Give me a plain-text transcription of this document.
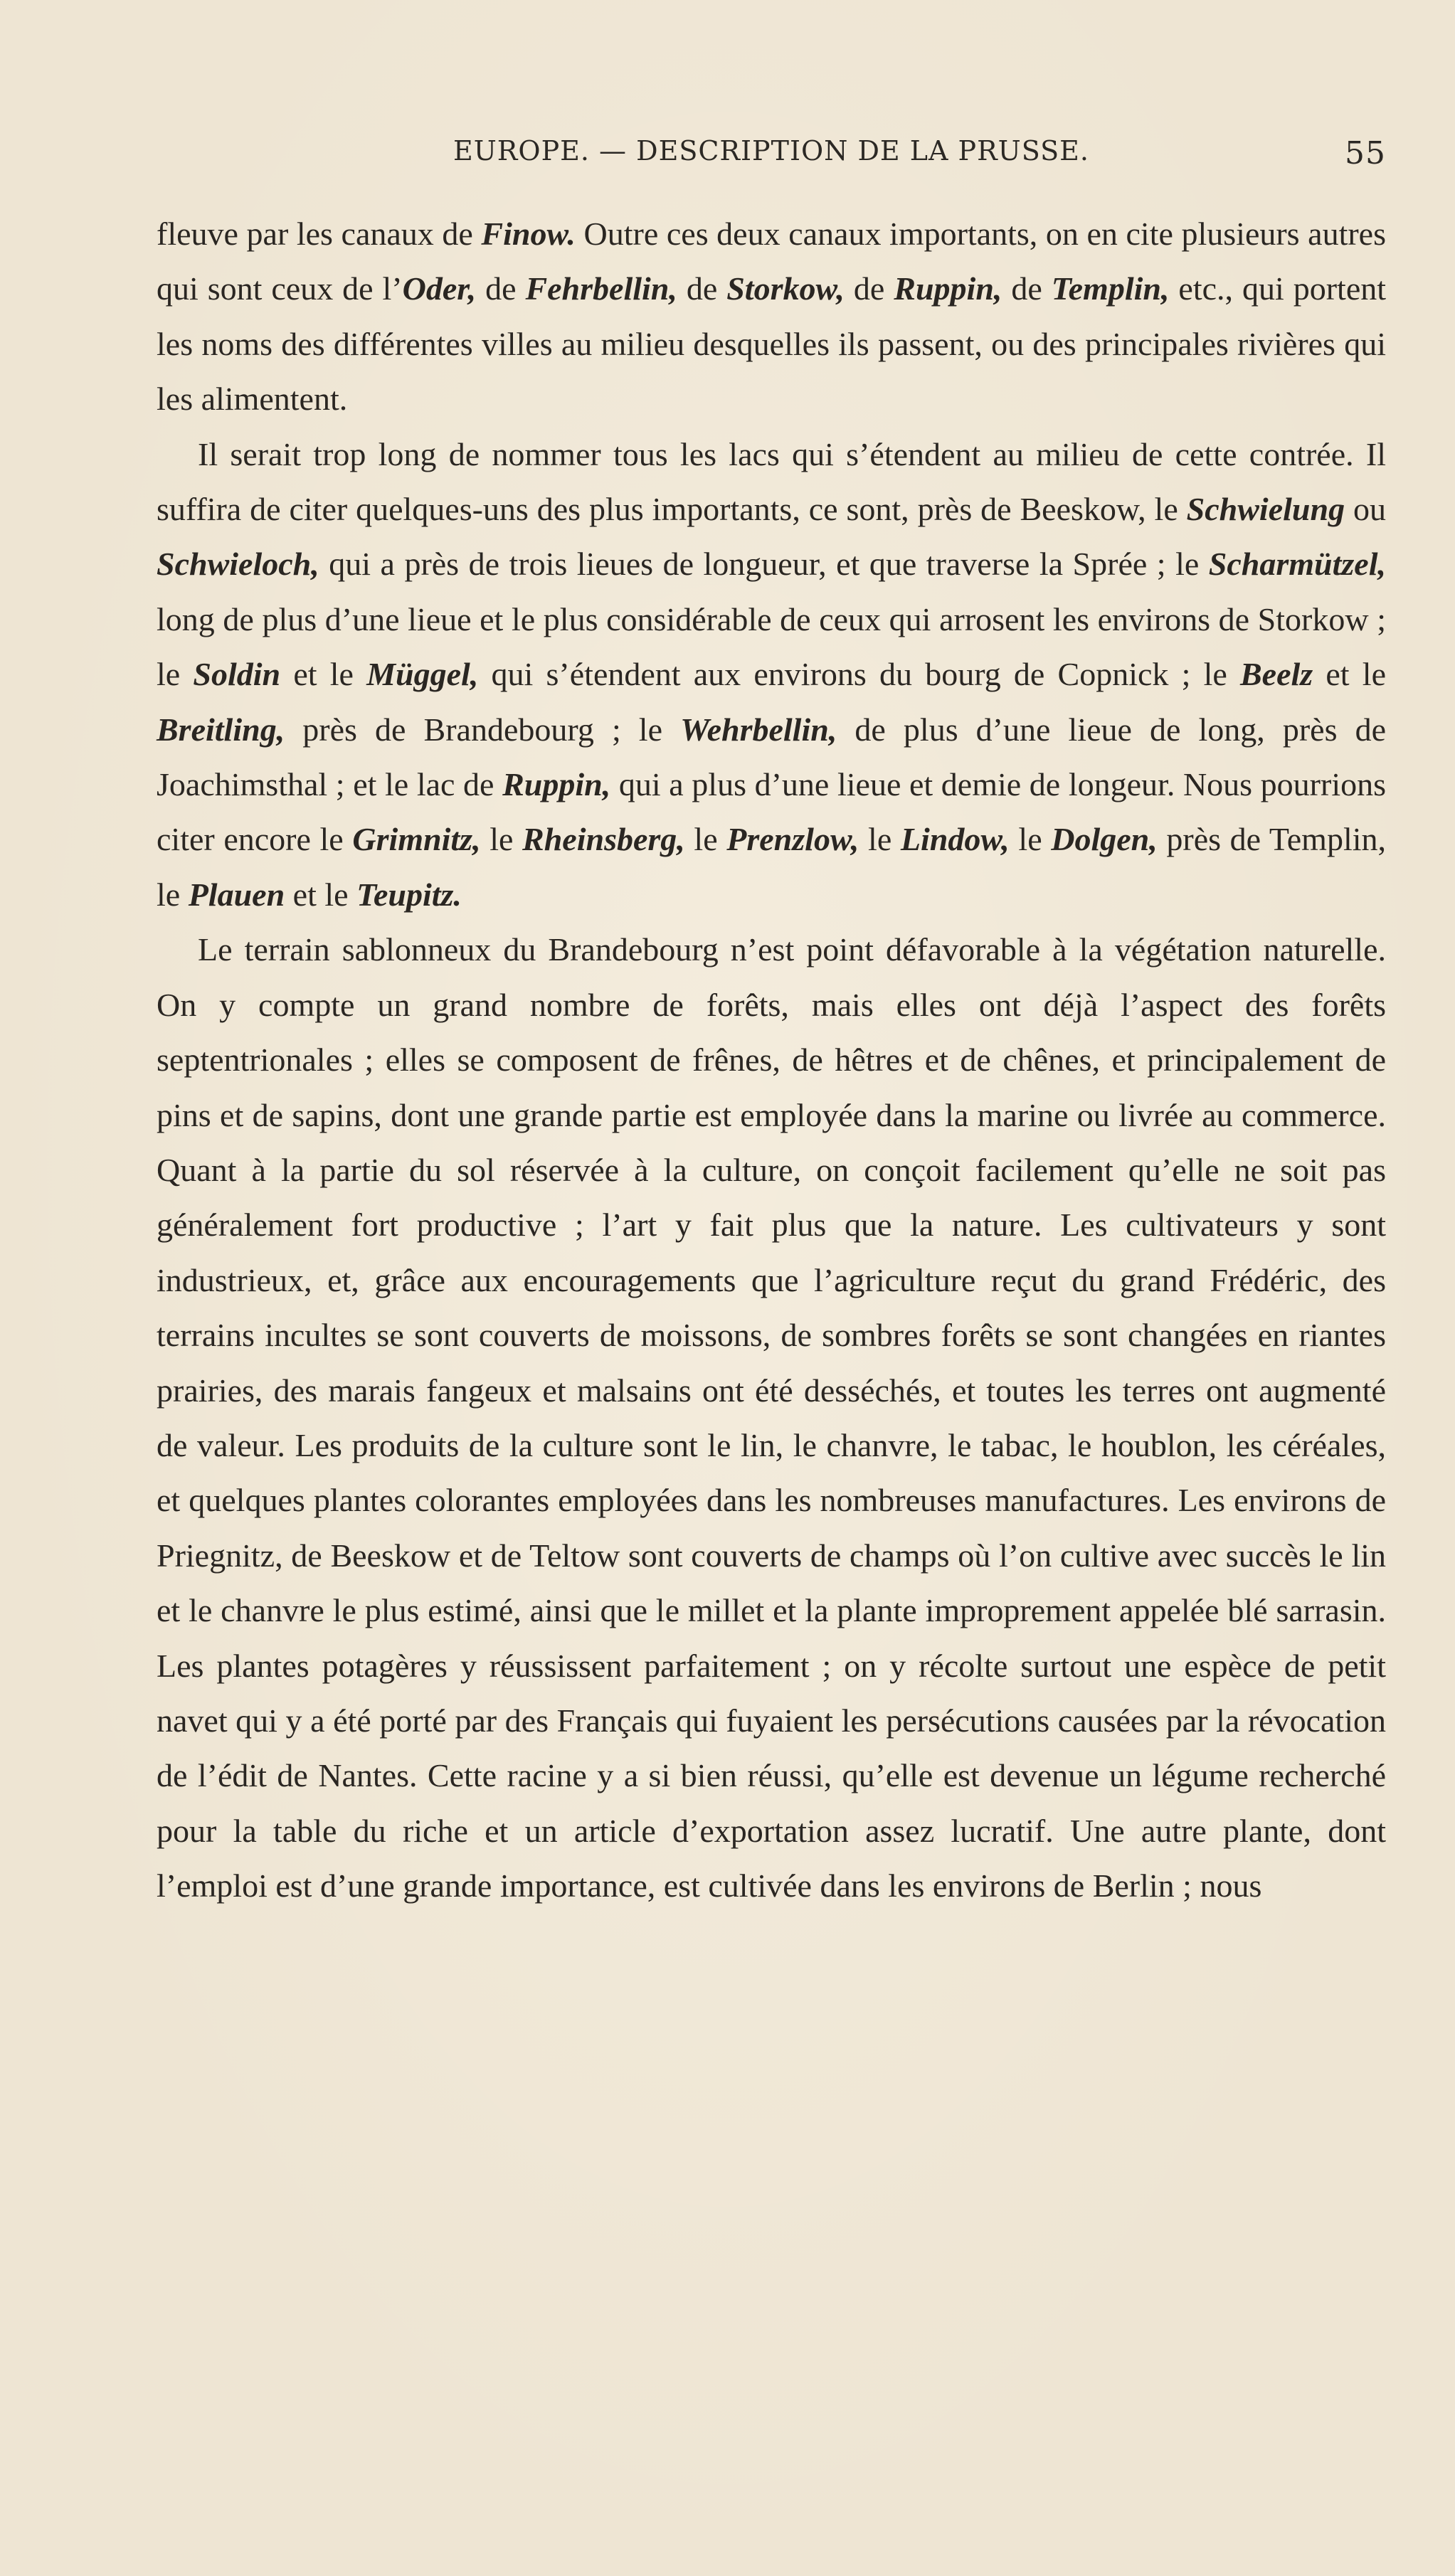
EUROPE. — DESCRIPTION DE LA PRUSSE.	55

fleuve par les canaux de Finow. Outre ces deux canaux importants, on en cite plusieurs autres qui sont ceux de l’Oder, de Fehrbellin, de Storkow, de Ruppin, de Templin, etc., qui portent les noms des différentes villes au milieu desquelles ils passent, ou des principales rivières qui les alimentent.

Il serait trop long de nommer tous les lacs qui s’étendent au milieu de cette contrée. Il suffira de citer quelques-uns des plus importants, ce sont, près de Beeskow, le Schwielung ou Schwieloch, qui a près de trois lieues de longueur, et que traverse la Sprée ; le Scharmützel, long de plus d’une lieue et le plus considérable de ceux qui arrosent les environs de Storkow ; le Soldin et le Müggel, qui s’étendent aux environs du bourg de Copnick ; le Beelz et le Breitling, près de Brandebourg ; le Wehrbellin, de plus d’une lieue de long, près de Joachimsthal ; et le lac de Ruppin, qui a plus d’une lieue et demie de longeur. Nous pourrions citer encore le Grimnitz, le Rheinsberg, le Prenzlow, le Lindow, le Dolgen, près de Templin, le Plauen et le Teupitz.

Le terrain sablonneux du Brandebourg n’est point défavorable à la végétation naturelle. On y compte un grand nombre de forêts, mais elles ont déjà l’aspect des forêts septentrionales ; elles se composent de frênes, de hêtres et de chênes, et principalement de pins et de sapins, dont une grande partie est employée dans la marine ou livrée au commerce. Quant à la partie du sol réservée à la culture, on conçoit facilement qu’elle ne soit pas généralement fort productive ; l’art y fait plus que la nature. Les cultivateurs y sont industrieux, et, grâce aux encouragements que l’agriculture reçut du grand Frédéric, des terrains incultes se sont couverts de moissons, de sombres forêts se sont changées en riantes prairies, des marais fangeux et malsains ont été desséchés, et toutes les terres ont augmenté de valeur. Les produits de la culture sont le lin, le chanvre, le tabac, le houblon, les céréales, et quelques plantes colorantes employées dans les nombreuses manufactures. Les environs de Priegnitz, de Beeskow et de Teltow sont couverts de champs où l’on cultive avec succès le lin et le chanvre le plus estimé, ainsi que le millet et la plante improprement appelée blé sarrasin. Les plantes potagères y réussissent parfaitement ; on y récolte surtout une espèce de petit navet qui y a été porté par des Français qui fuyaient les persécutions causées par la révocation de l’édit de Nantes. Cette racine y a si bien réussi, qu’elle est devenue un légume recherché pour la table du riche et un article d’exportation assez lucratif. Une autre plante, dont l’emploi est d’une grande importance, est cultivée dans les environs de Berlin ; nous
